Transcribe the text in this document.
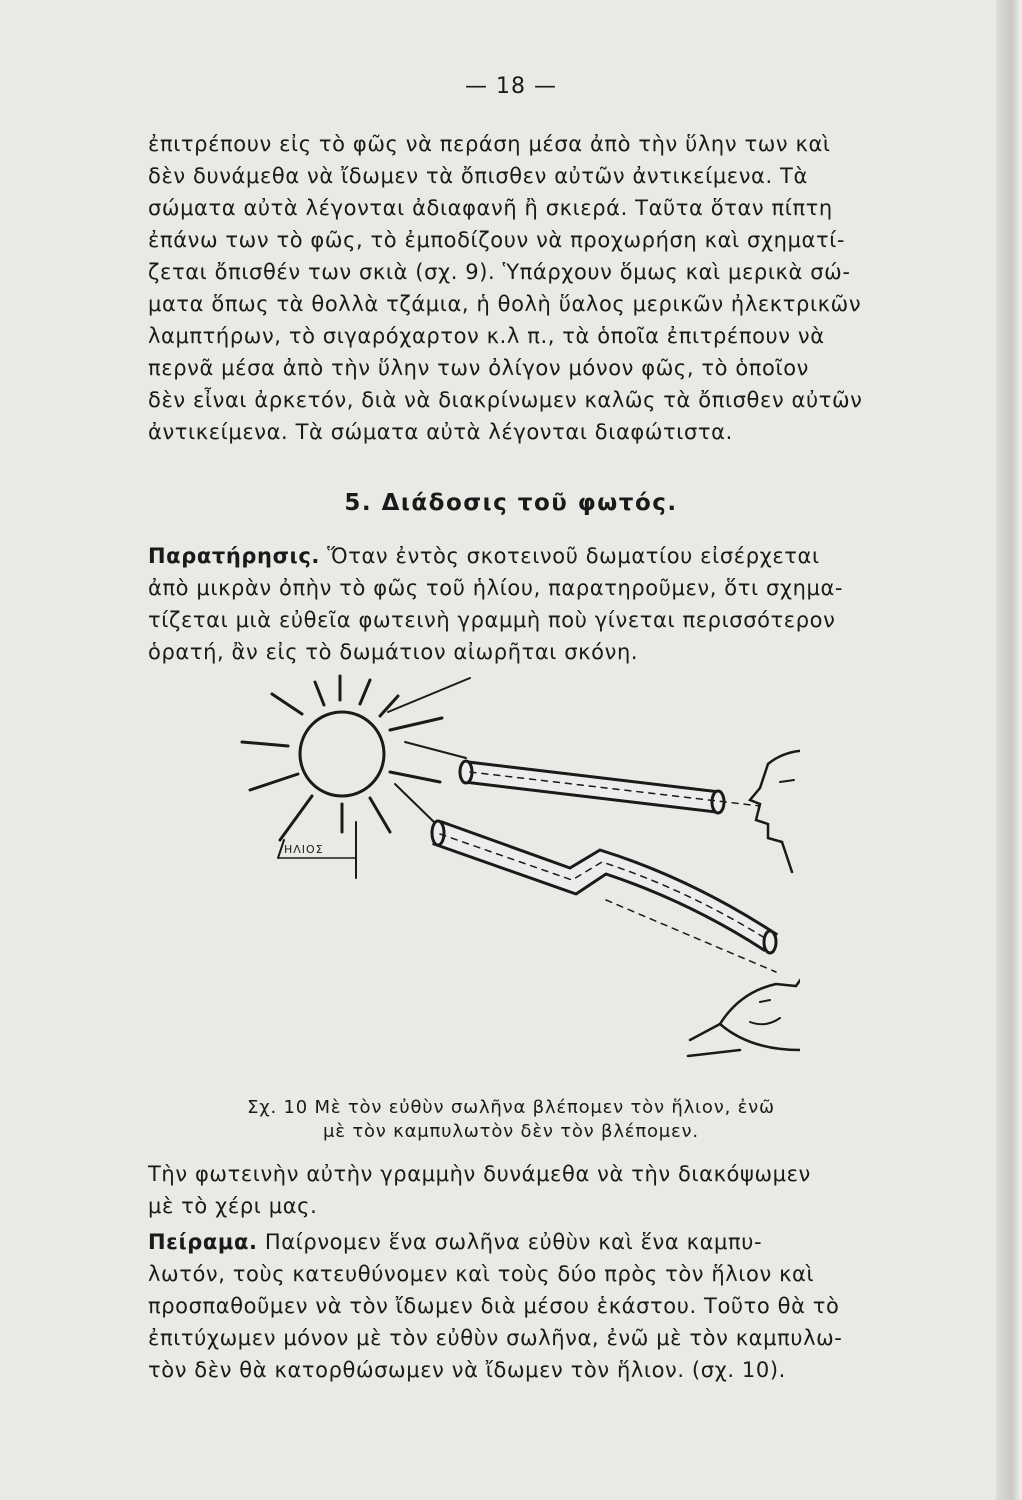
— 18 —

ἐπιτρέπουν εἰς τὸ φῶς νὰ περάση μέσα ἀπὸ τὴν ὕλην των καὶ
δὲν δυνάμεθα νὰ ἴδωμεν τὰ ὄπισθεν αὐτῶν ἀντικείμενα. Τὰ
σώματα αὐτὰ λέγονται ἀδιαφανῆ ἢ σκιερά. Ταῦτα ὅταν πίπτη
ἐπάνω των τὸ φῶς, τὸ ἐμποδίζουν νὰ προχωρήση καὶ σχηματί-
ζεται ὄπισθέν των σκιὰ (σχ. 9). Ὑπάρχουν ὅμως καὶ μερικὰ σώ-
ματα ὅπως τὰ θολλὰ τζάμια, ἡ θολὴ ὕαλος μερικῶν ἠλεκτρικῶν
λαμπτήρων, τὸ σιγαρόχαρτον κ.λ π., τὰ ὁποῖα ἐπιτρέπουν νὰ
περνᾶ μέσα ἀπὸ τὴν ὕλην των ὀλίγον μόνον φῶς, τὸ ὁποῖον
δὲν εἶναι ἀρκετόν, διὰ νὰ διακρίνωμεν καλῶς τὰ ὄπισθεν αὐτῶν
ἀντικείμενα. Τὰ σώματα αὐτὰ λέγονται διαφώτιστα.

5. Διάδοσις τοῦ φωτός.

Παρατήρησις. Ὅταν ἐντὸς σκοτεινοῦ δωματίου εἰσέρχεται
ἀπὸ μικρὰν ὀπὴν τὸ φῶς τοῦ ἡλίου, παρατηροῦμεν, ὅτι σχημα-
τίζεται μιὰ εὐθεῖα φωτεινὴ γραμμὴ ποὺ γίνεται περισσότερον
ὁρατή, ἂν εἰς τὸ δωμάτιον αἰωρῆται σκόνη.

ΗΛΙΟΣ
Σχ. 10 Μὲ τὸν εὐθὺν σωλῆνα βλέπομεν τὸν ἥλιον, ἐνῶ
μὲ τὸν καμπυλωτὸν δὲν τὸν βλέπομεν.

Τὴν φωτεινὴν αὐτὴν γραμμὴν δυνάμεθα νὰ τὴν διακόψωμεν
μὲ τὸ χέρι μας.

Πείραμα. Παίρνομεν ἕνα σωλῆνα εὐθὺν καὶ ἕνα καμπυ-
λωτόν, τοὺς κατευθύνομεν καὶ τοὺς δύο πρὸς τὸν ἥλιον καὶ
προσπαθοῦμεν νὰ τὸν ἴδωμεν διὰ μέσου ἑκάστου. Τοῦτο θὰ τὸ
ἐπιτύχωμεν μόνον μὲ τὸν εὐθὺν σωλῆνα, ἐνῶ μὲ τὸν καμπυλω-
τὸν δὲν θὰ κατορθώσωμεν νὰ ἴδωμεν τὸν ἥλιον. (σχ. 10).
